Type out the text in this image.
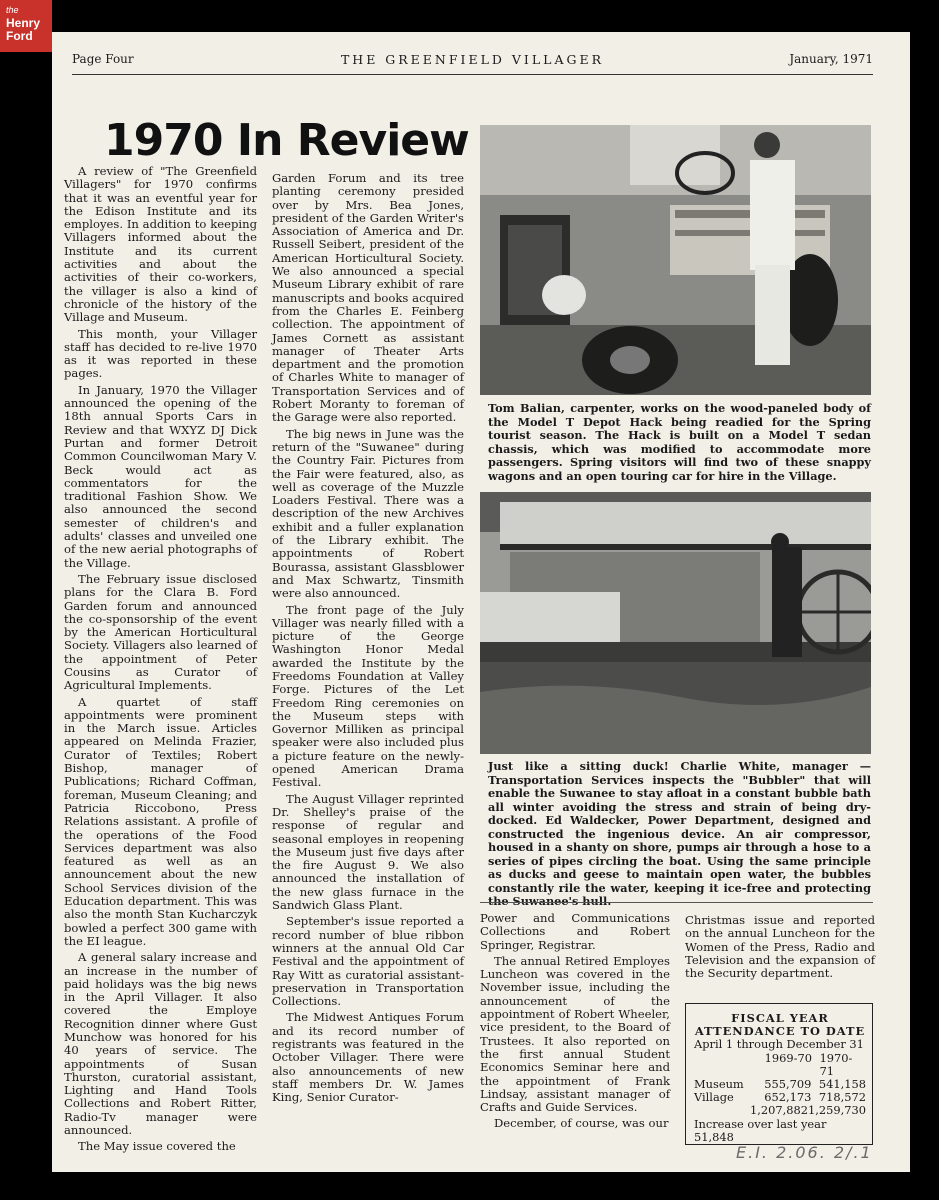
the
Henry
Ford
Page Four	THE GREENFIELD VILLAGER	January, 1971
1970 In Review

A review of "The Greenfield Villagers" for 1970 confirms that it was an eventful year for the Edison Institute and its employes. In addition to keeping Villagers informed about the Institute and its current activities and about the activities of their co-workers, the villager is also a kind of chronicle of the history of the Village and Museum.

This month, your Villager staff has decided to re-live 1970 as it was reported in these pages.

In January, 1970 the Villager announced the opening of the 18th annual Sports Cars in Review and that WXYZ DJ Dick Purtan and former Detroit Common Councilwoman Mary V. Beck would act as commentators for the traditional Fashion Show. We also announced the second semester of children's and adults' classes and unveiled one of the new aerial photographs of the Village.

The February issue disclosed plans for the Clara B. Ford Garden forum and announced the co-sponsorship of the event by the American Horticultural Society. Villagers also learned of the appointment of Peter Cousins as Curator of Agricultural Implements.

A quartet of staff appointments were prominent in the March issue. Articles appeared on Melinda Frazier, Curator of Textiles; Robert Bishop, manager of Publications; Richard Coffman, foreman, Museum Cleaning; and Patricia Riccobono, Press Relations assistant. A profile of the operations of the Food Services department was also featured as well as an announcement about the new School Services division of the Education department. This was also the month Stan Kucharczyk bowled a perfect 300 game with the EI league.

A general salary increase and an increase in the number of paid holidays was the big news in the April Villager. It also covered the Employe Recognition dinner where Gust Munchow was honored for his 40 years of service. The appointments of Susan Thurston, curatorial assistant, Lighting and Hand Tools Collections and Robert Ritter, Radio-Tv manager were announced.

The May issue covered the

Garden Forum and its tree planting ceremony presided over by Mrs. Bea Jones, president of the Garden Writer's Association of America and Dr. Russell Seibert, president of the American Horticultural Society. We also announced a special Museum Library exhibit of rare manuscripts and books acquired from the Charles E. Feinberg collection. The appointment of James Cornett as assistant manager of Theater Arts department and the promotion of Charles White to manager of Transportation Services and of Robert Moranty to foreman of the Garage were also reported.

The big news in June was the return of the "Suwanee" during the Country Fair. Pictures from the Fair were featured, also, as well as coverage of the Muzzle Loaders Festival. There was a description of the new Archives exhibit and a fuller explanation of the Library exhibit. The appointments of Robert Bourassa, assistant Glassblower and Max Schwartz, Tinsmith were also announced.

The front page of the July Villager was nearly filled with a picture of the George Washington Honor Medal awarded the Institute by the Freedoms Foundation at Valley Forge. Pictures of the Let Freedom Ring ceremonies on the Museum steps with Governor Milliken as principal speaker were also included plus a picture feature on the newly-opened American Drama Festival.

The August Villager reprinted Dr. Shelley's praise of the response of regular and seasonal employes in reopening the Museum just five days after the fire August 9. We also announced the installation of the new glass furnace in the Sandwich Glass Plant.

September's issue reported a record number of blue ribbon winners at the annual Old Car Festival and the appointment of Ray Witt as curatorial assistant-preservation in Transportation Collections.

The Midwest Antiques Forum and its record number of registrants was featured in the October Villager. There were also announcements of new staff members Dr. W. James King, Senior Curator-

Tom Balian, carpenter, works on the wood-paneled body of the Model T Depot Hack being readied for the Spring tourist season. The Hack is built on a Model T sedan chassis, which was modified to accommodate more passengers. Spring visitors will find two of these snappy wagons and an open touring car for hire in the Village.
Just like a sitting duck! Charlie White, manager — Transportation Services inspects the "Bubbler" that will enable the Suwanee to stay afloat in a constant bubble bath all winter avoiding the stress and strain of being dry-docked. Ed Waldecker, Power Department, designed and constructed the ingenious device. An air compressor, housed in a shanty on shore, pumps air through a hose to a series of pipes circling the boat. Using the same principle as ducks and geese to maintain open water, the bubbles constantly rile the water, keeping it ice-free and protecting the Suwanee's hull.

Power and Communications Collections and Robert Springer, Registrar.

The annual Retired Employes Luncheon was covered in the November issue, including the announcement of the appointment of Robert Wheeler, vice president, to the Board of Trustees. It also reported on the first annual Student Economics Seminar here and the appointment of Frank Lindsay, assistant manager of Crafts and Guide Services.

December, of course, was our

Christmas issue and reported on the annual Luncheon for the Women of the Press, Radio and Television and the expansion of the Security department.

FISCAL YEAR
ATTENDANCE TO DATE
April 1 through December 31
1969-70 1970-71
Museum	555,709 541,158
Village	652,173 718,572
1,207,882 1,259,730
Increase over last year 51,848
E.I. 2.06. 2/.1
